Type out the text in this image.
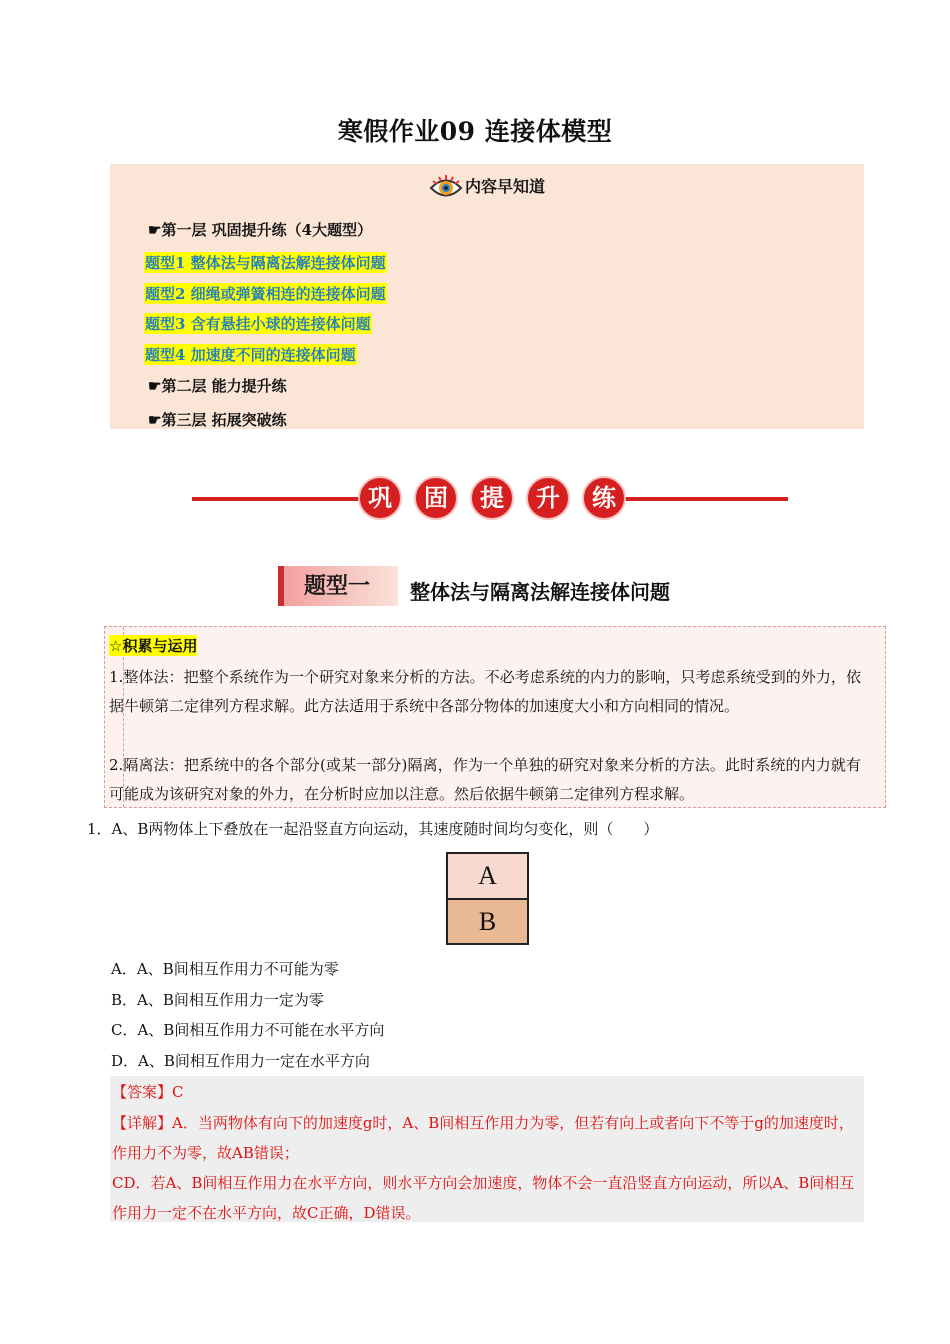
寒假作业09 连接体模型
内容早知道
☛第一层 巩固提升练（4大题型）
题型1 整体法与隔离法解连接体问题
题型2 细绳或弹簧相连的连接体问题
题型3 含有悬挂小球的连接体问题
题型4 加速度不同的连接体问题
☛第二层 能力提升练
☛第三层 拓展突破练
巩	固	提	升	练
题型一	整体法与隔离法解连接体问题
☆积累与运用
1.整体法：把整个系统作为一个研究对象来分析的方法。不必考虑系统的内力的影响，只考虑系统受到的外力，依据牛顿第二定律列方程求解。此方法适用于系统中各部分物体的加速度大小和方向相同的情况。
2.隔离法：把系统中的各个部分(或某一部分)隔离，作为一个单独的研究对象来分析的方法。此时系统的内力就有可能成为该研究对象的外力，在分析时应加以注意。然后依据牛顿第二定律列方程求解。
1．A、B两物体上下叠放在一起沿竖直方向运动，其速度随时间均匀变化，则（　　）
A
B
A．A、B间相互作用力不可能为零
B．A、B间相互作用力一定为零
C．A、B间相互作用力不可能在水平方向
D．A、B间相互作用力一定在水平方向
【答案】C
【详解】A．当两物体有向下的加速度g时，A、B间相互作用力为零，但若有向上或者向下不等于g的加速度时，作用力不为零，故AB错误；
CD．若A、B间相互作用力在水平方向，则水平方向会加速度，物体不会一直沿竖直方向运动，所以A、B间相互作用力一定不在水平方向，故C正确，D错误。
